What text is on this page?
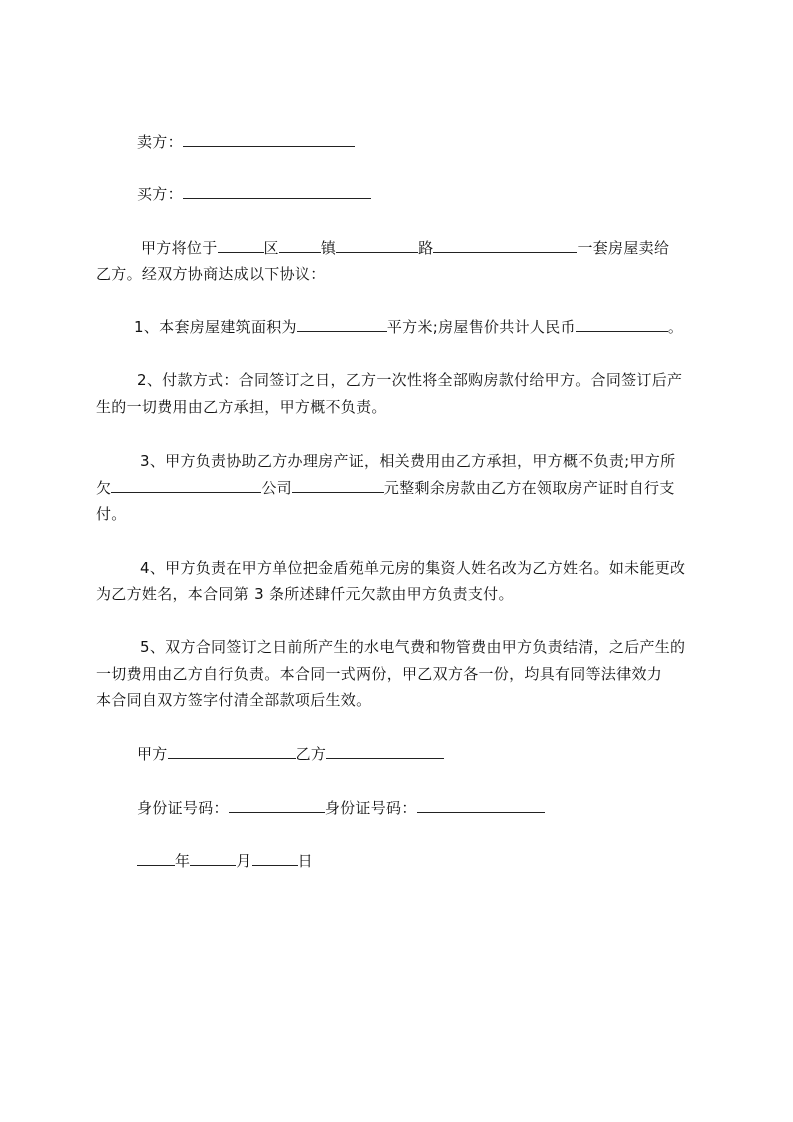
卖方：
买方：
甲方将位于	区	镇	路	一套房屋卖给
乙方。经双方协商达成以下协议：
1、本套房屋建筑面积为	平方米;房屋售价共计人民币	。
2、付款方式：合同签订之日，乙方一次性将全部购房款付给甲方。合同签订后产
生的一切费用由乙方承担，甲方概不负责。
3、甲方负责协助乙方办理房产证，相关费用由乙方承担，甲方概不负责;甲方所
欠	公司	元整剩余房款由乙方在领取房产证时自行支
付。
4、甲方负责在甲方单位把金盾苑单元房的集资人姓名改为乙方姓名。如未能更改
为乙方姓名，本合同第 3 条所述肆仟元欠款由甲方负责支付。
5、双方合同签订之日前所产生的水电气费和物管费由甲方负责结清，之后产生的
一切费用由乙方自行负责。本合同一式两份，甲乙双方各一份，均具有同等法律效力
本合同自双方签字付清全部款项后生效。
甲方	乙方
身份证号码：	身份证号码：
年	月	日
